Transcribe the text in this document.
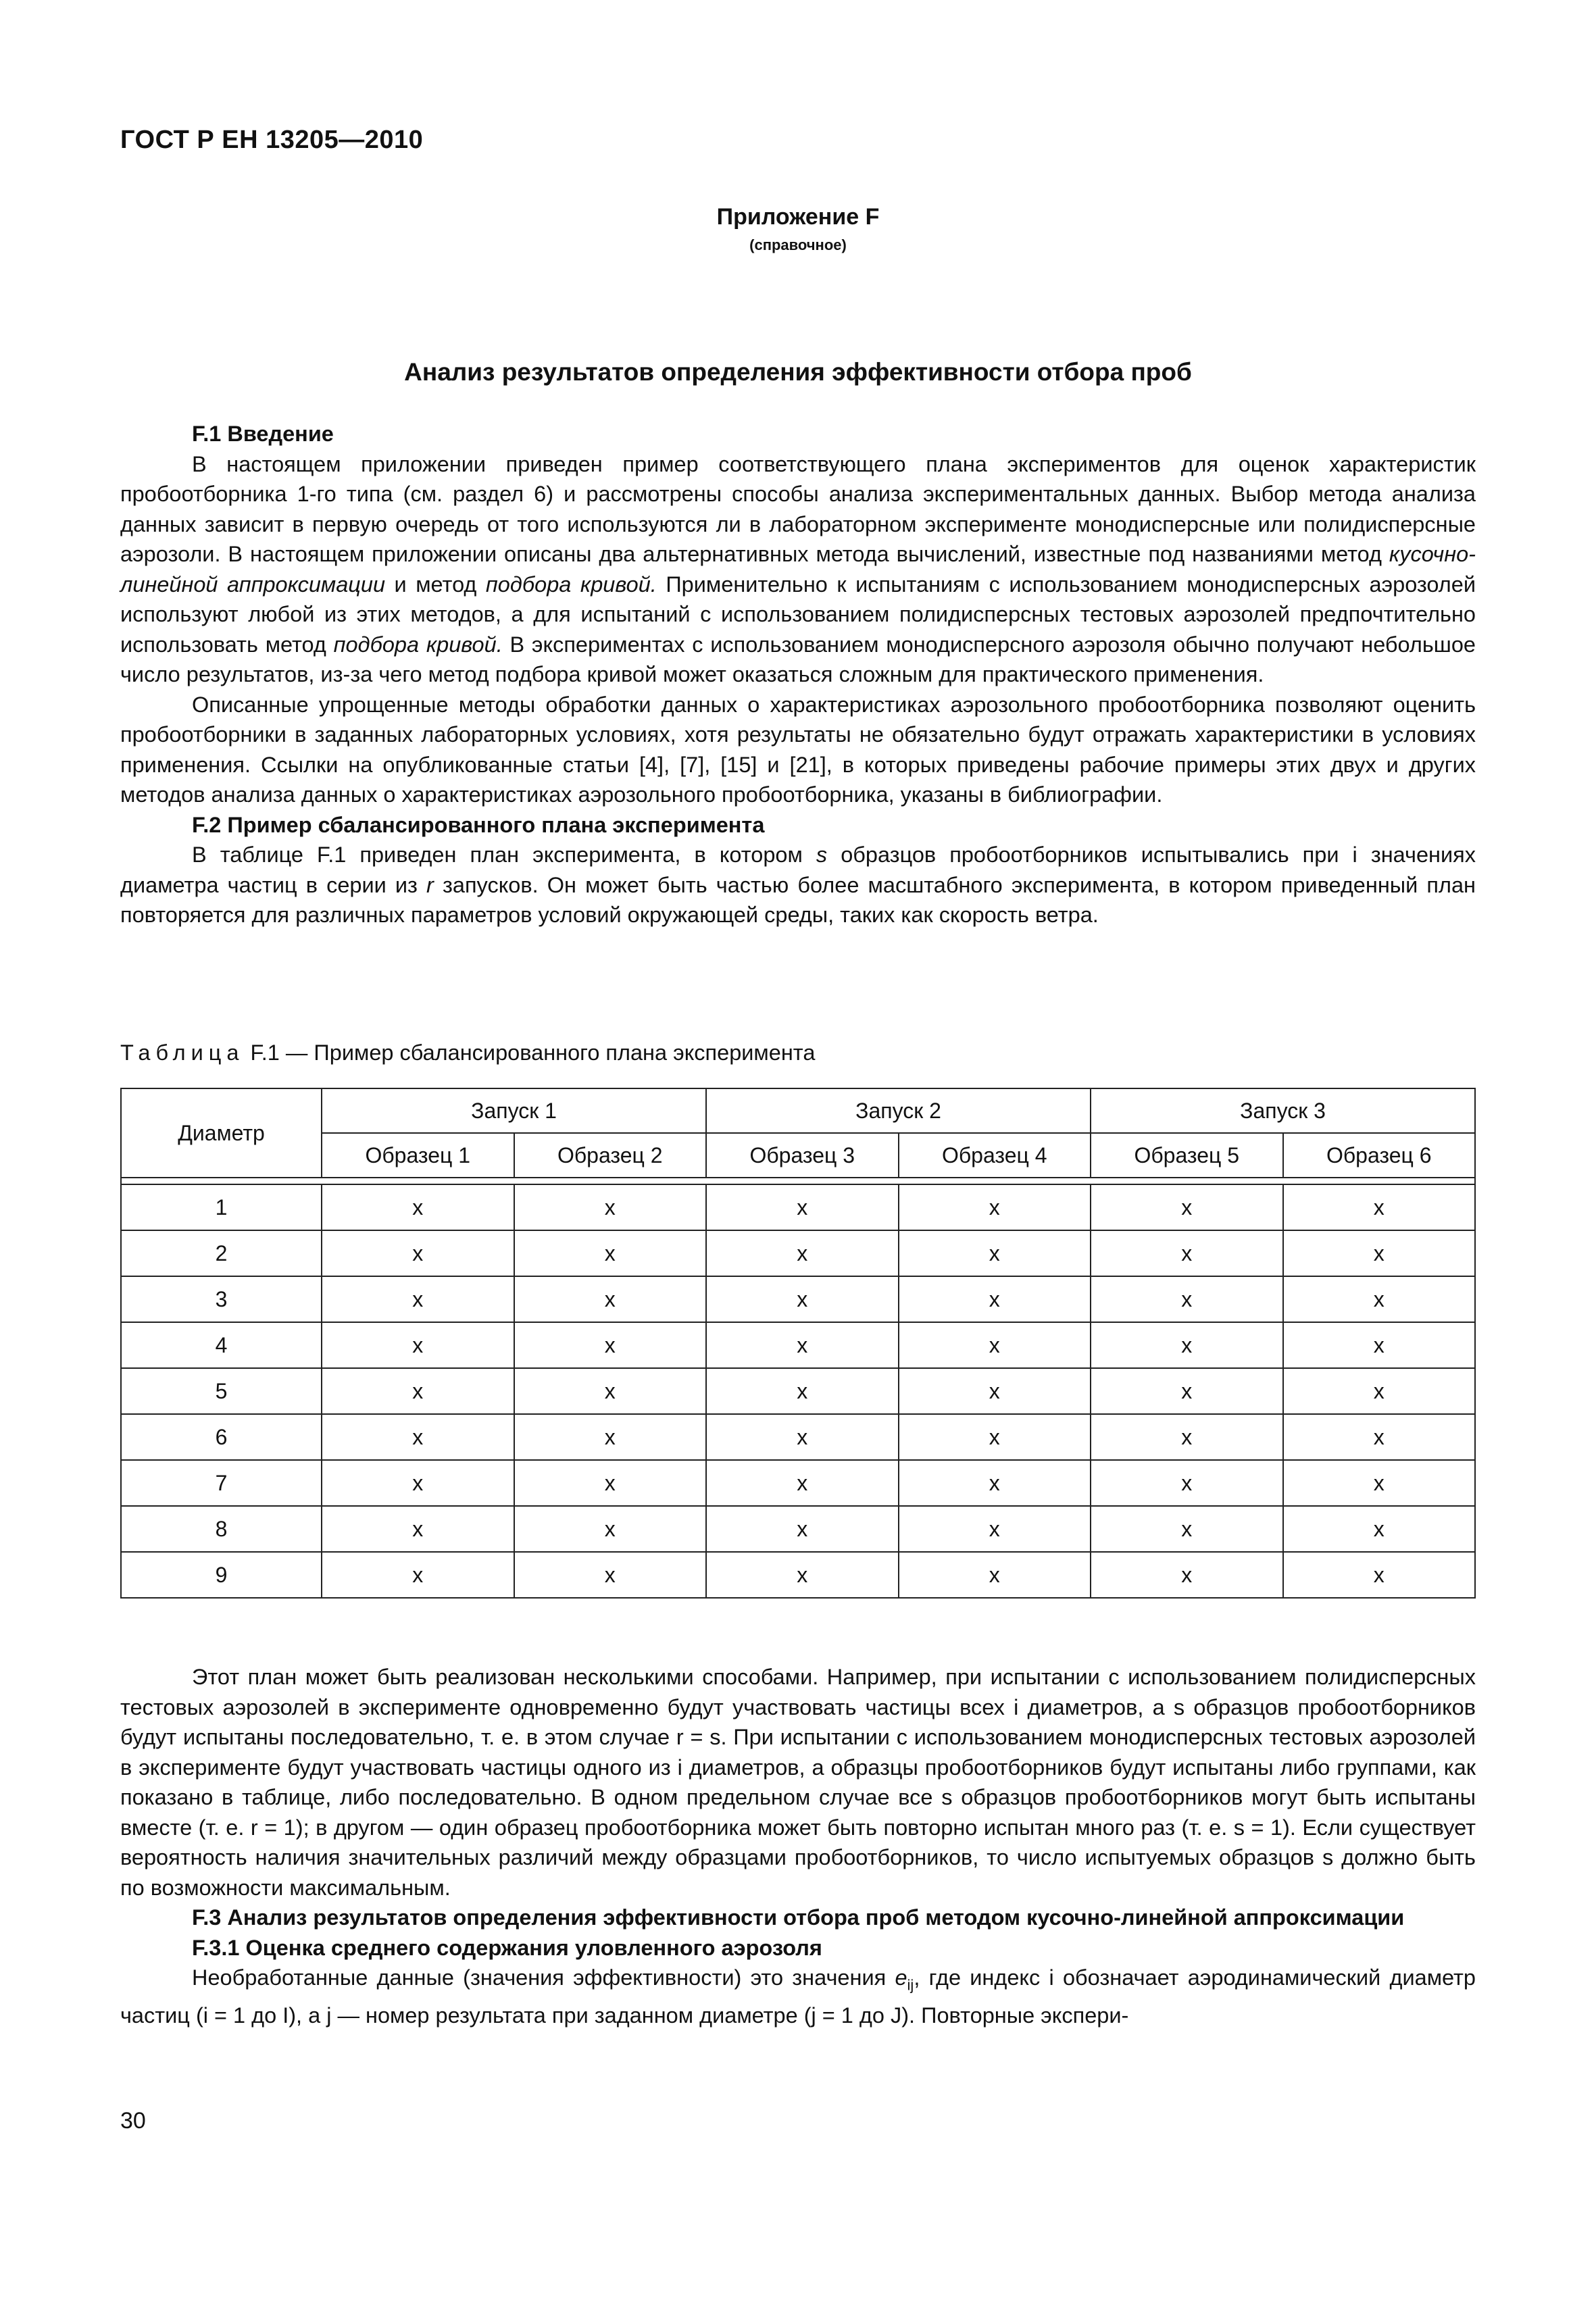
ГОСТ Р ЕН 13205—2010
Приложение F
(справочное)
Анализ результатов определения эффективности отбора проб
F.1 Введение

В настоящем приложении приведен пример соответствующего плана экспериментов для оценок характеристик пробоотборника 1-го типа (см. раздел 6) и рассмотрены способы анализа экспериментальных данных. Выбор метода анализа данных зависит в первую очередь от того используются ли в лабораторном эксперименте монодисперсные или полидисперсные аэрозоли. В настоящем приложении описаны два альтернативных метода вычислений, известные под названиями метод кусочно-линейной аппроксимации и метод подбора кривой. Применительно к испытаниям с использованием монодисперсных аэрозолей используют любой из этих методов, а для испытаний с использованием полидисперсных тестовых аэрозолей предпочтительно использовать метод подбора кривой. В экспериментах с использованием монодисперсного аэрозоля обычно получают небольшое число результатов, из-за чего метод подбора кривой может оказаться сложным для практического применения.

Описанные упрощенные методы обработки данных о характеристиках аэрозольного пробоотборника позволяют оценить пробоотборники в заданных лабораторных условиях, хотя результаты не обязательно будут отражать характеристики в условиях применения. Ссылки на опубликованные статьи [4], [7], [15] и [21], в которых приведены рабочие примеры этих двух и других методов анализа данных о характеристиках аэрозольного пробоотборника, указаны в библиографии.

F.2 Пример сбалансированного плана эксперимента

В таблице F.1 приведен план эксперимента, в котором s образцов пробоотборников испытывались при i значениях диаметра частиц в серии из r запусков. Он может быть частью более масштабного эксперимента, в котором приведенный план повторяется для различных параметров условий окружающей среды, таких как скорость ветра.

Таблица F.1 — Пример сбалансированного плана эксперимента
Диаметр	Запуск 1		Запуск 2		Запуск 3	
	Образец 1	Образец 2	Образец 3	Образец 4	Образец 5	Образец 6

1	x	x	x	x	x	x
2	x	x	x	x	x	x
3	x	x	x	x	x	x
4	x	x	x	x	x	x
5	x	x	x	x	x	x
6	x	x	x	x	x	x
7	x	x	x	x	x	x
8	x	x	x	x	x	x
9	x	x	x	x	x	x

Этот план может быть реализован несколькими способами. Например, при испытании с использованием полидисперсных тестовых аэрозолей в эксперименте одновременно будут участвовать частицы всех i диаметров, а s образцов пробоотборников будут испытаны последовательно, т. е. в этом случае r = s. При испытании с использованием монодисперсных тестовых аэрозолей в эксперименте будут участвовать частицы одного из i диаметров, а образцы пробоотборников будут испытаны либо группами, как показано в таблице, либо последовательно. В одном предельном случае все s образцов пробоотборников могут быть испытаны вместе (т. е. r = 1); в другом — один образец пробоотборника может быть повторно испытан много раз (т. е. s = 1). Если существует вероятность наличия значительных различий между образцами пробоотборников, то число испытуемых образцов s должно быть по возможности максимальным.

F.3 Анализ результатов определения эффективности отбора проб методом кусочно-линейной аппроксимации
F.3.1 Оценка среднего содержания уловленного аэрозоля

Необработанные данные (значения эффективности) это значения $e_{ij}$, где индекс i обозначает аэродинамический диаметр частиц (i = 1 до I), а j — номер результата при заданном диаметре (j = 1 до J). Повторные экспери-

30
